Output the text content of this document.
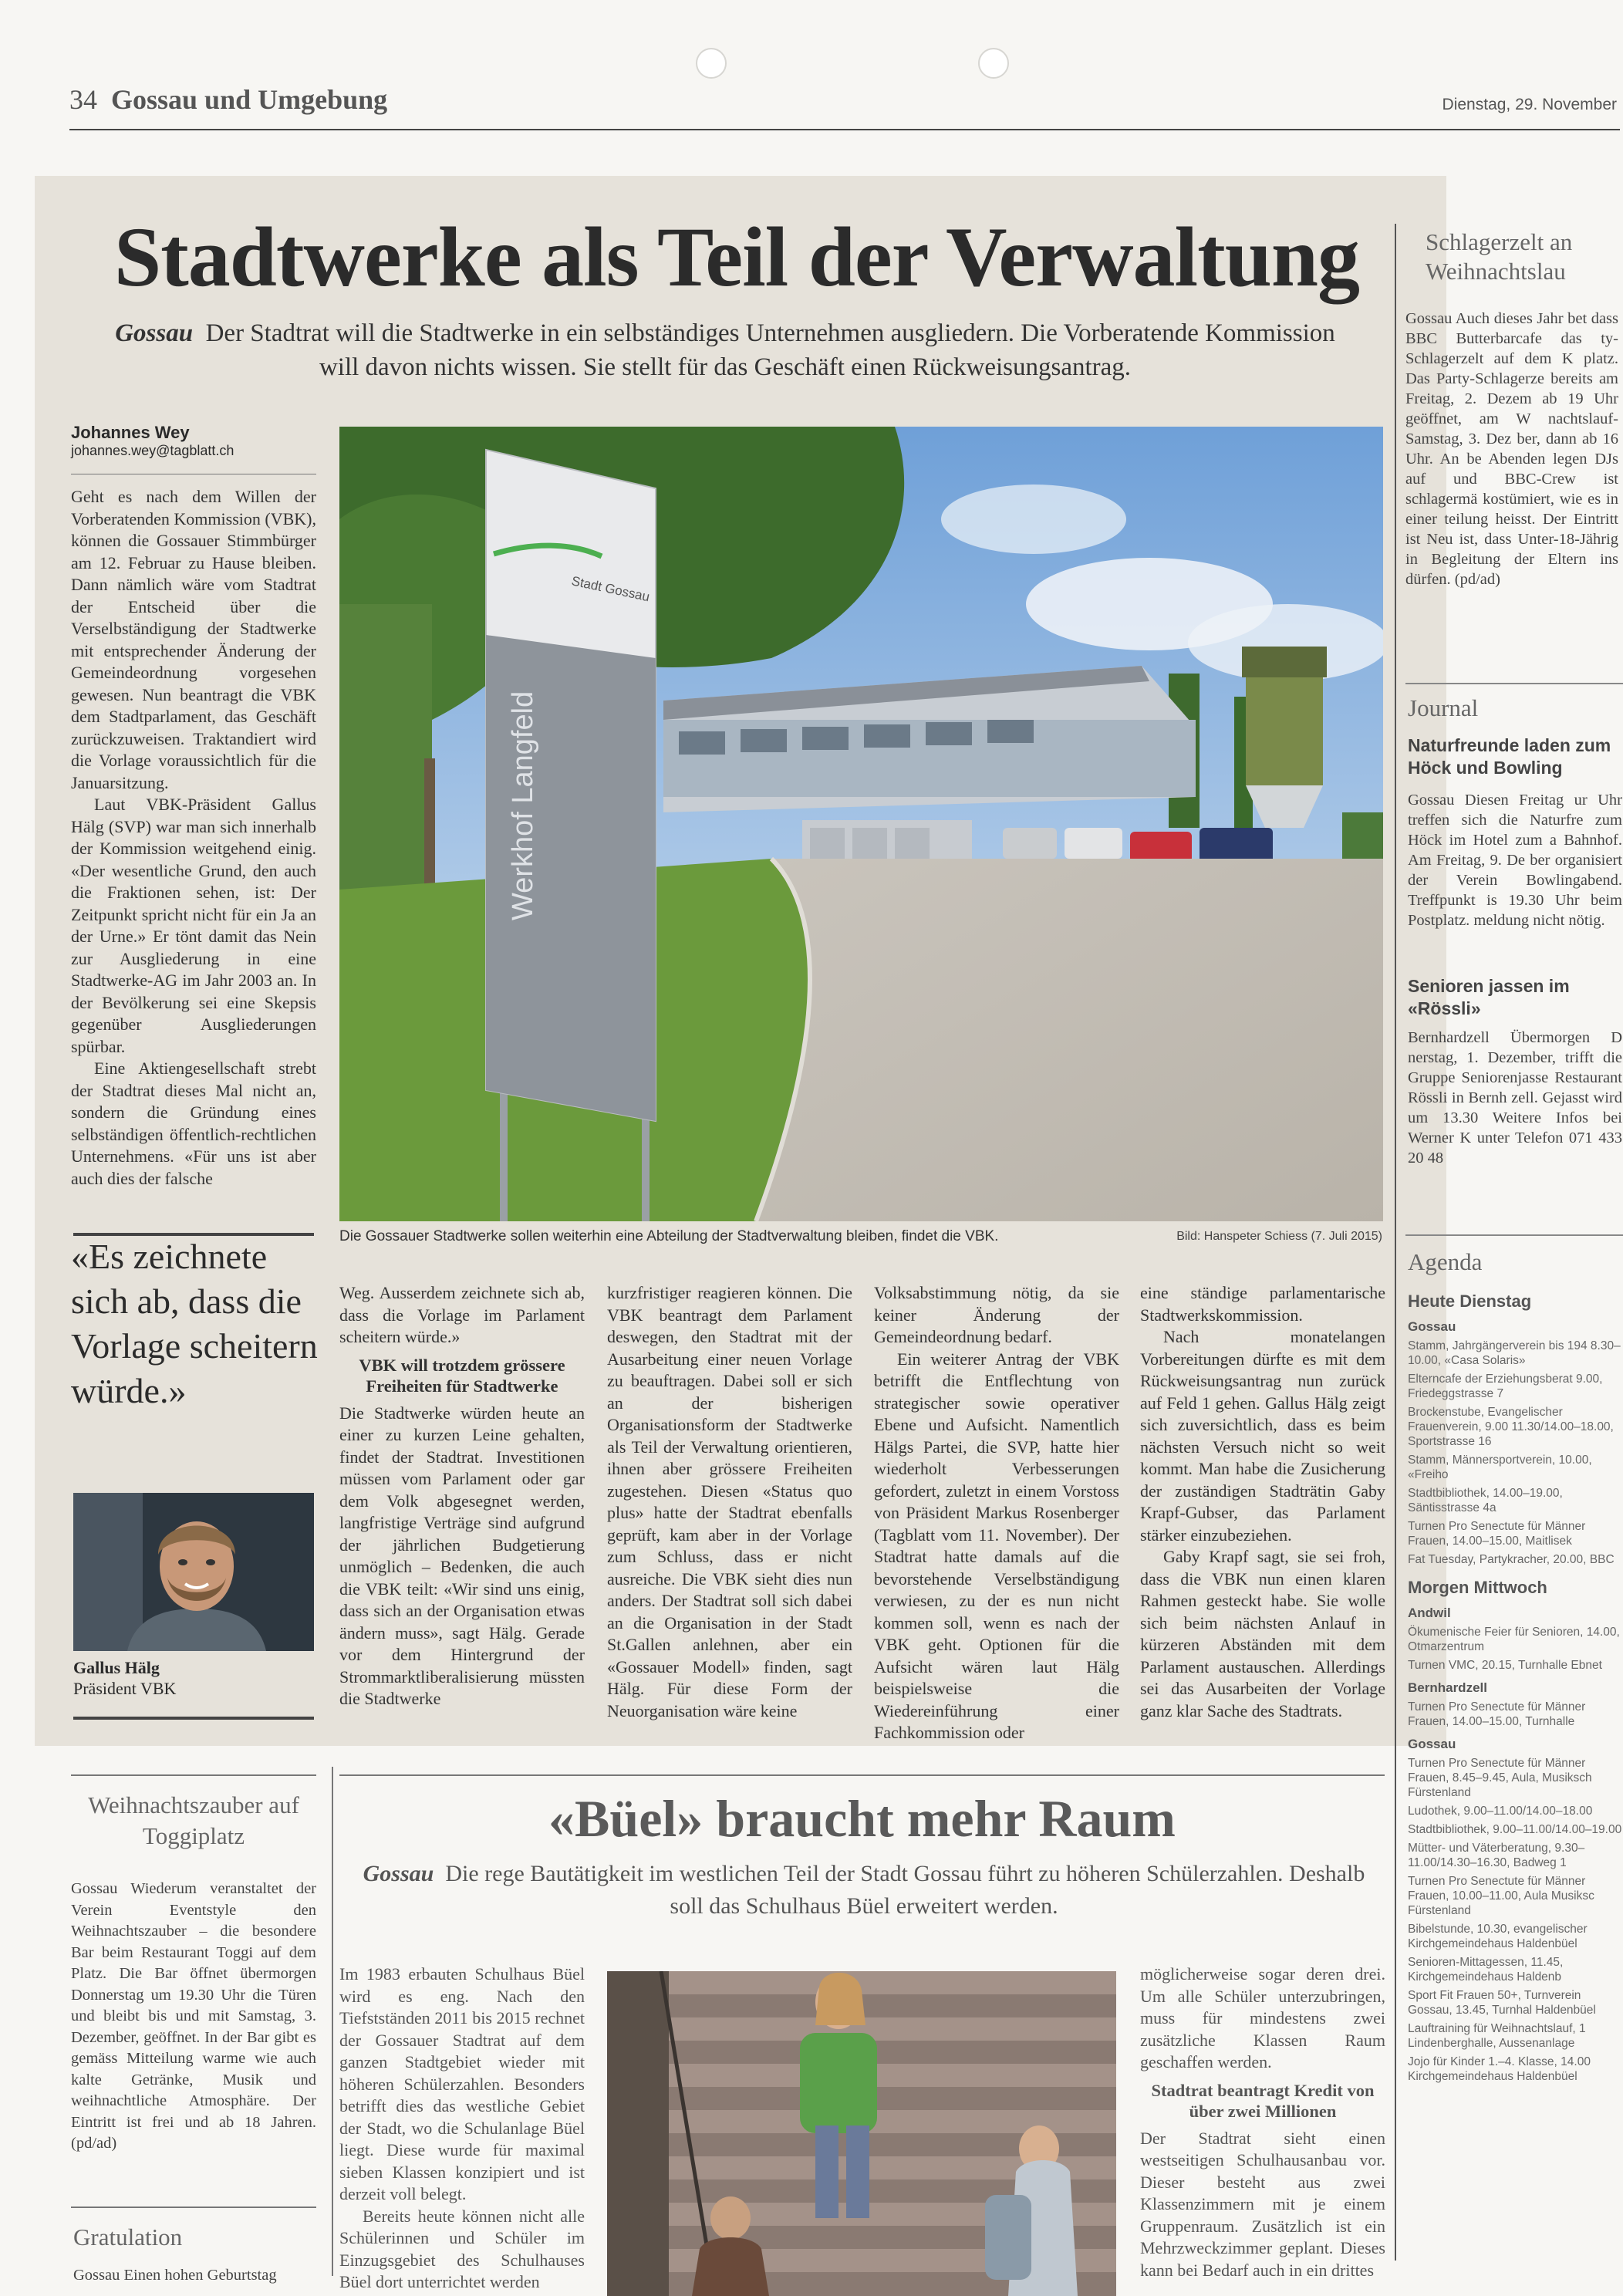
34 Gossau und Umgebung	Dienstag, 29. November
Stadtwerke als Teil der Verwaltung
Gossau Der Stadtrat will die Stadtwerke in ein selbständiges Unternehmen ausgliedern. Die Vorberatende Kommission will davon nichts wissen. Sie stellt für das Geschäft einen Rückweisungsantrag.
Johannes Wey
johannes.wey@tagblatt.ch

Geht es nach dem Willen der Vorberatenden Kommission (VBK), können die Gossauer Stimmbürger am 12. Februar zu Hause bleiben. Dann nämlich wäre vom Stadtrat der Entscheid über die Verselbständigung der Stadtwerke mit entsprechender Änderung der Gemeindeordnung vorgesehen gewesen. Nun beantragt die VBK dem Stadtparlament, das Geschäft zurückzuweisen. Traktandiert wird die Vorlage voraussichtlich für die Januarsitzung.

Laut VBK-Präsident Gallus Hälg (SVP) war man sich innerhalb der Kommission weitgehend einig. «Der wesentliche Grund, den auch die Fraktionen sehen, ist: Der Zeitpunkt spricht nicht für ein Ja an der Urne.» Er tönt damit das Nein zur Ausgliederung in eine Stadtwerke-AG im Jahr 2003 an. In der Bevölkerung sei eine Skepsis gegenüber Ausgliederungen spürbar.

Eine Aktiengesellschaft strebt der Stadtrat dieses Mal nicht an, sondern die Gründung eines selbständigen öffentlich-rechtlichen Unternehmens. «Für uns ist aber auch dies der falsche

Stadt Gossau
Werkhof Langfeld
Die Gossauer Stadtwerke sollen weiterhin eine Abteilung der Stadtverwaltung bleiben, findet die VBK.	Bild: Hanspeter Schiess (7. Juli 2015)
«Es zeichnete sich ab, dass die Vorlage scheitern würde.»
Gallus Hälg
Präsident VBK

Weg. Ausserdem zeichnete sich ab, dass die Vorlage im Parlament scheitern würde.»

VBK will trotzdem grössere Freiheiten für Stadtwerke

Die Stadtwerke würden heute an einer zu kurzen Leine gehalten, findet der Stadtrat. Investitionen müssen vom Parlament oder gar dem Volk abgesegnet werden, langfristige Verträge sind aufgrund der jährlichen Budgetierung unmöglich – Bedenken, die auch die VBK teilt: «Wir sind uns einig, dass sich an der Organisation etwas ändern muss», sagt Hälg. Gerade vor dem Hintergrund der Strommarktliberalisierung müssten die Stadtwerke

kurzfristiger reagieren können. Die VBK beantragt dem Parlament deswegen, den Stadtrat mit der Ausarbeitung einer neuen Vorlage zu beauftragen. Dabei soll er sich an der bisherigen Organisationsform der Stadtwerke als Teil der Verwaltung orientieren, ihnen aber grössere Freiheiten zugestehen. Diesen «Status quo plus» hatte der Stadtrat ebenfalls geprüft, kam aber in der Vorlage zum Schluss, dass er nicht ausreiche. Die VBK sieht dies nun anders. Der Stadtrat soll sich dabei an die Organisation in der Stadt St.Gallen anlehnen, aber ein «Gossauer Modell» finden, sagt Hälg. Für diese Form der Neuorganisation wäre keine

Volksabstimmung nötig, da sie keiner Änderung der Gemeindeordnung bedarf.

Ein weiterer Antrag der VBK betrifft die Entflechtung von strategischer sowie operativer Ebene und Aufsicht. Namentlich Hälgs Partei, die SVP, hatte hier wiederholt Verbesserungen gefordert, zuletzt in einem Vorstoss von Präsident Markus Rosenberger (Tagblatt vom 11. November). Der Stadtrat hatte damals auf die bevorstehende Verselbständigung verwiesen, zu der es nun nicht kommen soll, wenn es nach der VBK geht. Optionen für die Aufsicht wären laut Hälg beispielsweise die Wiedereinführung einer Fachkommission oder

eine ständige parlamentarische Stadtwerkskommission.

Nach monatelangen Vorbereitungen dürfte es mit dem Rückweisungsantrag nun zurück auf Feld 1 gehen. Gallus Hälg zeigt sich zuversichtlich, dass es beim nächsten Versuch nicht so weit kommt. Man habe die Zusicherung der zuständigen Stadträtin Gaby Krapf-Gubser, das Parlament stärker einzubeziehen.

Gaby Krapf sagt, sie sei froh, dass die VBK nun einen klaren Rahmen gesteckt habe. Sie wolle sich beim nächsten Anlauf in kürzeren Abständen mit dem Parlament austauschen. Allerdings sei das Ausarbeiten der Vorlage ganz klar Sache des Stadtrats.

Schlagerzelt an Weihnachtslau
Gossau Auch dieses Jahr bet dass BBC Butterbarcafe das ty-Schlagerzelt auf dem K platz. Das Party-Schlagerze bereits am Freitag, 2. Dezem ab 19 Uhr geöffnet, am W nachtslauf-Samstag, 3. Dez ber, dann ab 16 Uhr. An be Abenden legen DJs auf und BBC-Crew ist schlagermä kostümiert, wie es in einer teilung heisst. Der Eintritt ist Neu ist, dass Unter-18-Jährig in Begleitung der Eltern ins dürfen. (pd/ad)
Journal
Naturfreunde laden zum Höck und Bowling
Gossau Diesen Freitag ur Uhr treffen sich die Naturfre zum Höck im Hotel zum a Bahnhof. Am Freitag, 9. De ber organisiert der Verein Bowlingabend. Treffpunkt is 19.30 Uhr beim Postplatz. meldung nicht nötig.
Senioren jassen im «Rössli»
Bernhardzell Übermorgen D nerstag, 1. Dezember, trifft die Gruppe Seniorenjasse Restaurant Rössli in Bernh zell. Gejasst wird um 13.30 Weitere Infos bei Werner K unter Telefon 071 433 20 48
Agenda
Heute Dienstag
Gossau
Stamm, Jahrgängerverein bis 194 8.30–10.00, «Casa Solaris»
Elterncafe der Erziehungsberat 9.00, Friedeggstrasse 7
Brockenstube, Evangelischer Frauenverein, 9.00 11.30/14.00–18.00, Sportstrasse 16
Stamm, Männersportverein, 10.00, «Freiho
Stadtbibliothek, 14.00–19.00, Säntisstrasse 4a
Turnen Pro Senectute für Männer Frauen, 14.00–15.00, Maitlisek
Fat Tuesday, Partykracher, 20.00, BBC
Morgen Mittwoch
Andwil
Ökumenische Feier für Senioren, 14.00, Otmarzentrum
Turnen VMC, 20.15, Turnhalle Ebnet
Bernhardzell
Turnen Pro Senectute für Männer Frauen, 14.00–15.00, Turnhalle
Gossau
Turnen Pro Senectute für Männer Frauen, 8.45–9.45, Aula, Musiksch Fürstenland
Ludothek, 9.00–11.00/14.00–18.00
Stadtbibliothek, 9.00–11.00/14.00–19.00
Mütter- und Väterberatung, 9.30–11.00/14.30–16.30, Badweg 1
Turnen Pro Senectute für Männer Frauen, 10.00–11.00, Aula Musiksc Fürstenland
Bibelstunde, 10.30, evangelischer Kirchgemeindehaus Haldenbüel
Senioren-Mittagessen, 11.45, Kirchgemeindehaus Haldenb
Sport Fit Frauen 50+, Turnverein Gossau, 13.45, Turnhal Haldenbüel
Lauftraining für Weihnachtslauf, 1 Lindenberghalle, Aussenanlage
Jojo für Kinder 1.–4. Klasse, 14.00 Kirchgemeindehaus Haldenbüel
Weihnachtszauber auf Toggiplatz
Gossau Wiederum veranstaltet der Verein Eventstyle den Weihnachtszauber – die besondere Bar beim Restaurant Toggi auf dem Platz. Die Bar öffnet übermorgen Donnerstag um 19.30 Uhr die Türen und bleibt bis und mit Samstag, 3. Dezember, geöffnet. In der Bar gibt es gemäss Mitteilung warme wie auch kalte Getränke, Musik und weihnachtliche Atmosphäre. Der Eintritt ist frei und ab 18 Jahren. (pd/ad)
Gratulation
Gossau Einen hohen Geburtstag
«Büel» braucht mehr Raum
Gossau Die rege Bautätigkeit im westlichen Teil der Stadt Gossau führt zu höheren Schülerzahlen. Deshalb soll das Schulhaus Büel erweitert werden.

Im 1983 erbauten Schulhaus Büel wird es eng. Nach den Tiefstständen 2011 bis 2015 rechnet der Gossauer Stadtrat auf dem ganzen Stadtgebiet wieder mit höheren Schülerzahlen. Besonders betrifft dies das westliche Gebiet der Stadt, wo die Schulanlage Büel liegt. Diese wurde für maximal sieben Klassen konzipiert und ist derzeit voll belegt.

Bereits heute können nicht alle Schülerinnen und Schüler im Einzugsgebiet des Schulhauses Büel dort unterrichtet werden

möglicherweise sogar deren drei. Um alle Schüler unterzubringen, muss für mindestens zwei zusätzliche Klassen Raum geschaffen werden.

Stadtrat beantragt Kredit von über zwei Millionen

Der Stadtrat sieht einen westseitigen Schulhausanbau vor. Dieser besteht aus zwei Klassenzimmern mit je einem Gruppenraum. Zusätzlich ist ein Mehrzweckzimmer geplant. Dieses kann bei Bedarf auch in ein drittes
